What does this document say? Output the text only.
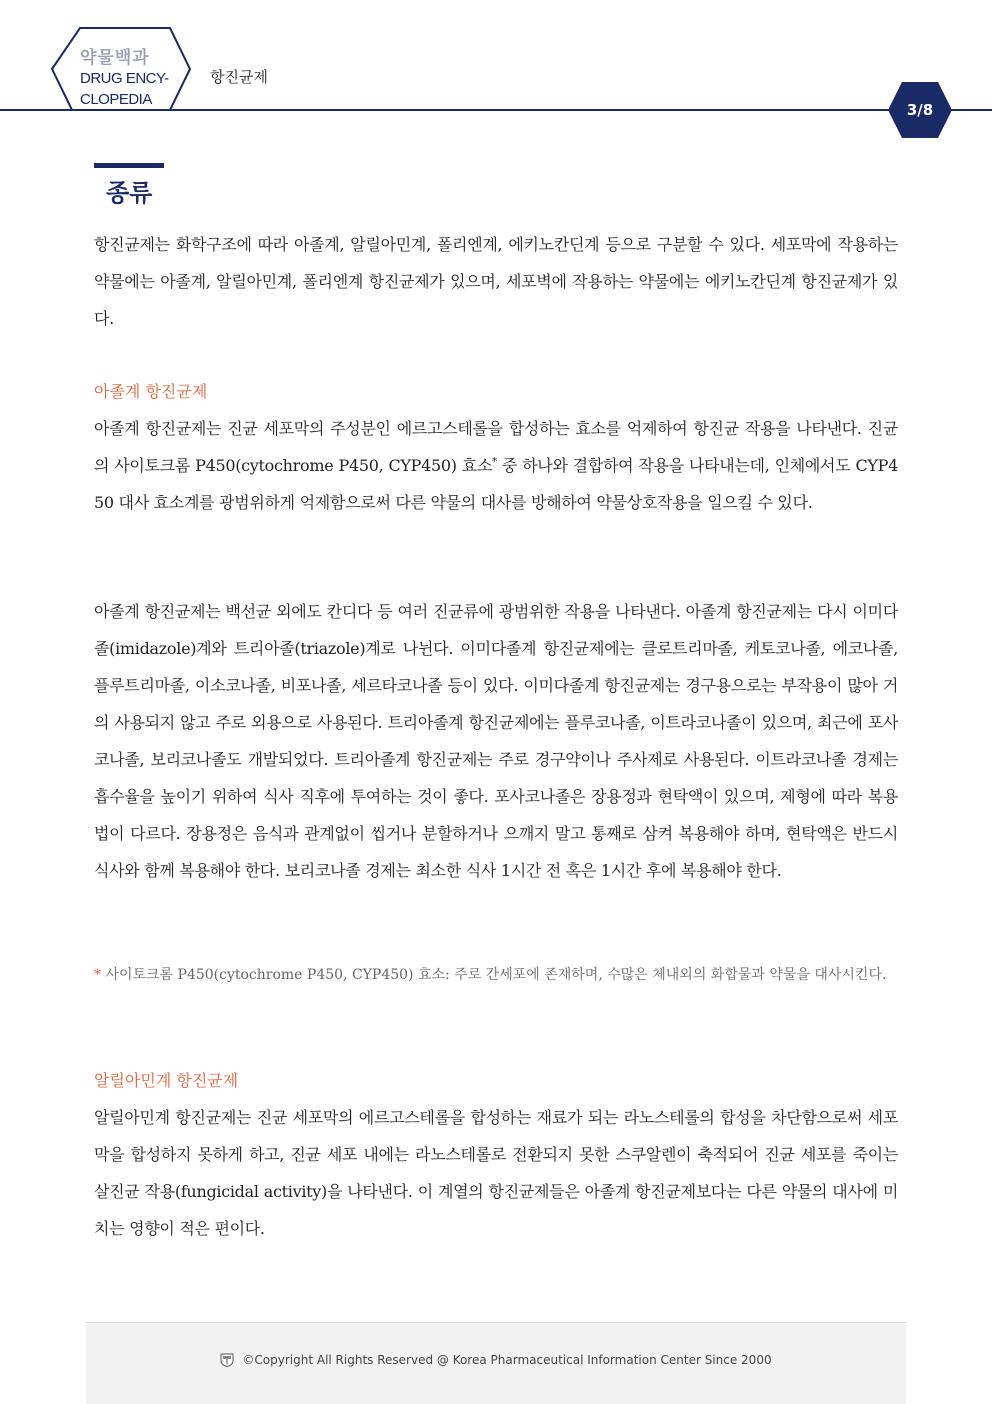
약물백과
DRUG ENCY-
CLOPEDIA
항진균제
3/8
종류

항진균제는 화학구조에 따라 아졸계, 알릴아민계, 폴리엔계, 에키노칸딘계 등으로 구분할 수 있다. 세포막에 작용하는 약물에는 아졸계, 알릴아민계, 폴리엔계 항진균제가 있으며, 세포벽에 작용하는 약물에는 에키노칸딘계 항진균제가 있다.

아졸계 항진균제

아졸계 항진균제는 진균 세포막의 주성분인 에르고스테롤을 합성하는 효소를 억제하여 항진균 작용을 나타낸다. 진균의 사이토크롬 P450(cytochrome P450, CYP450) 효소* 중 하나와 결합하여 작용을 나타내는데, 인체에서도 CYP450 대사 효소계를 광범위하게 억제함으로써 다른 약물의 대사를 방해하여 약물상호작용을 일으킬 수 있다.

아졸계 항진균제는 백선균 외에도 칸디다 등 여러 진균류에 광범위한 작용을 나타낸다. 아졸계 항진균제는 다시 이미다졸(imidazole)계와 트리아졸(triazole)계로 나뉜다. 이미다졸계 항진균제에는 클로트리마졸, 케토코나졸, 에코나졸, 플루트리마졸, 이소코나졸, 비포나졸, 세르타코나졸 등이 있다. 이미다졸계 항진균제는 경구용으로는 부작용이 많아 거의 사용되지 않고 주로 외용으로 사용된다. 트리아졸계 항진균제에는 플루코나졸, 이트라코나졸이 있으며, 최근에 포사코나졸, 보리코나졸도 개발되었다. 트리아졸계 항진균제는 주로 경구약이나 주사제로 사용된다. 이트라코나졸 경제는 흡수율을 높이기 위하여 식사 직후에 투여하는 것이 좋다. 포사코나졸은 장용정과 현탁액이 있으며, 제형에 따라 복용법이 다르다. 장용정은 음식과 관계없이 씹거나 분할하거나 으깨지 말고 통째로 삼켜 복용해야 하며, 현탁액은 반드시 식사와 함께 복용해야 한다. 보리코나졸 경제는 최소한 식사 1시간 전 혹은 1시간 후에 복용해야 한다.

* 사이토크롬 P450(cytochrome P450, CYP450) 효소: 주로 간세포에 존재하며, 수많은 체내외의 화합물과 약물을 대사시킨다.

알릴아민계 항진균제

알릴아민계 항진균제는 진균 세포막의 에르고스테롤을 합성하는 재료가 되는 라노스테롤의 합성을 차단함으로써 세포막을 합성하지 못하게 하고, 진균 세포 내에는 라노스테롤로 전환되지 못한 스쿠알렌이 축적되어 진균 세포를 죽이는 살진균 작용(fungicidal activity)을 나타낸다. 이 계열의 항진균제들은 아졸계 항진균제보다는 다른 약물의 대사에 미치는 영향이 적은 편이다.

©Copyright All Rights Reserved @ Korea Pharmaceutical Information Center Since 2000
